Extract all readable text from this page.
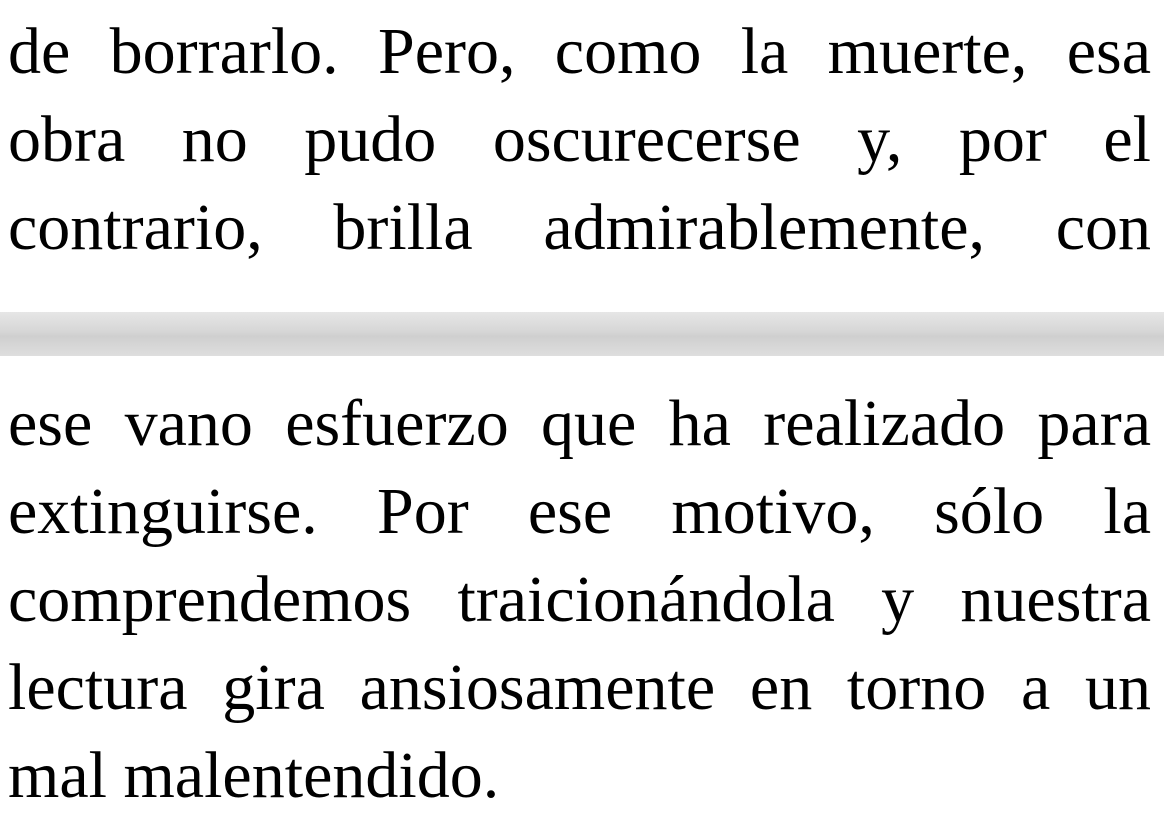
de borrarlo. Pero, como la muerte, esa
obra no pudo oscurecerse y, por el
contrario, brilla admirablemente, con
ese vano esfuerzo que ha realizado para
extinguirse. Por ese motivo, sólo la
comprendemos traicionándola y nuestra
lectura gira ansiosamente en torno a un
mal malentendido.
